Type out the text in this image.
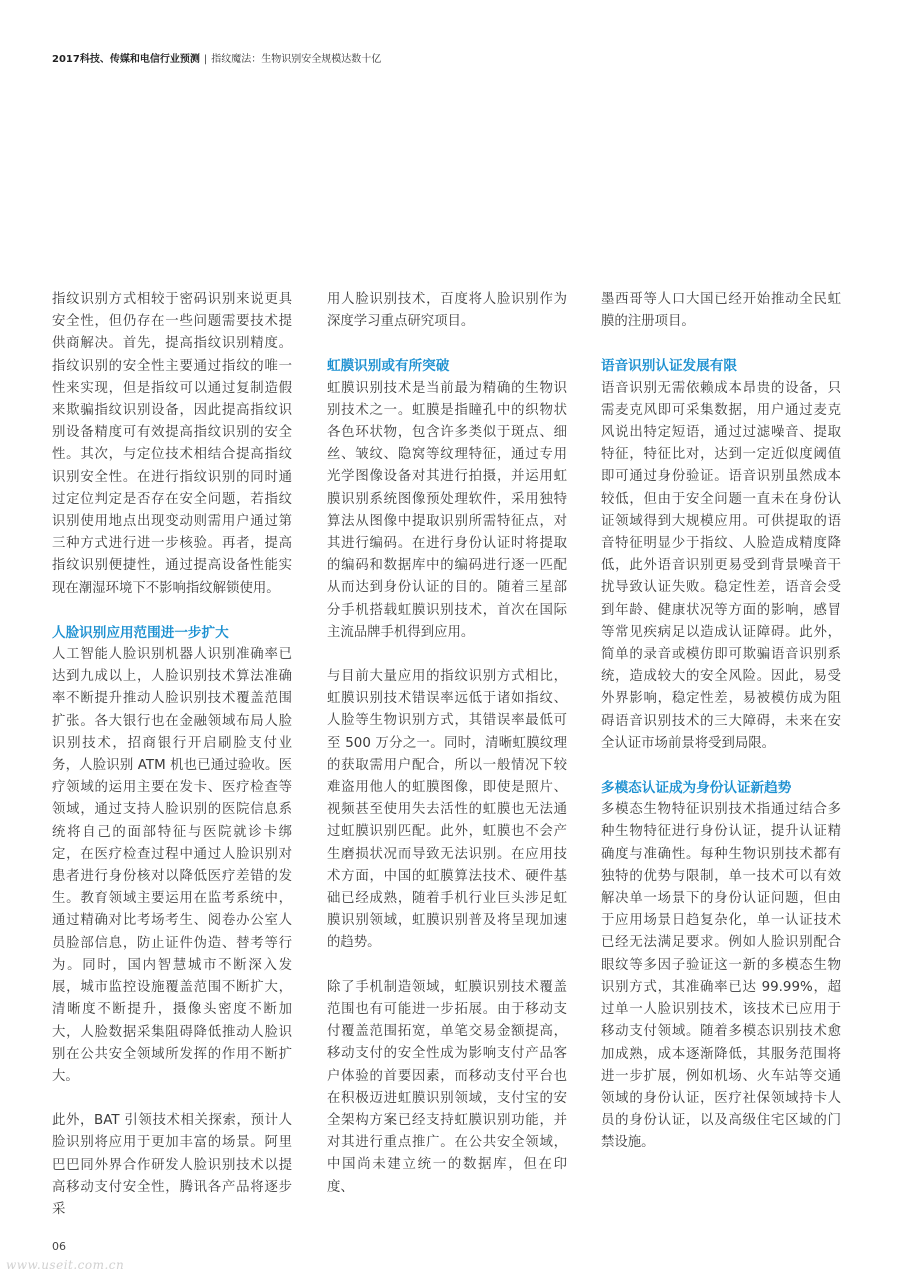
2017科技、传媒和电信行业预测 | 指纹魔法：生物识别安全规模达数十亿

指纹识别方式相较于密码识别来说更具安全性，但仍存在一些问题需要技术提供商解决。首先，提高指纹识别精度。指纹识别的安全性主要通过指纹的唯一性来实现，但是指纹可以通过复制造假来欺骗指纹识别设备，因此提高指纹识别设备精度可有效提高指纹识别的安全性。其次，与定位技术相结合提高指纹识别安全性。在进行指纹识别的同时通过定位判定是否存在安全问题，若指纹识别使用地点出现变动则需用户通过第三种方式进行进一步核验。再者，提高指纹识别便捷性，通过提高设备性能实现在潮湿环境下不影响指纹解锁使用。

人脸识别应用范围进一步扩大

人工智能人脸识别机器人识别准确率已达到九成以上，人脸识别技术算法准确率不断提升推动人脸识别技术覆盖范围扩张。各大银行也在金融领域布局人脸识别技术，招商银行开启刷脸支付业务，人脸识别 ATM 机也已通过验收。医疗领域的运用主要在发卡、医疗检查等领域，通过支持人脸识别的医院信息系统将自己的面部特征与医院就诊卡绑定，在医疗检查过程中通过人脸识别对患者进行身份核对以降低医疗差错的发生。教育领域主要运用在监考系统中，通过精确对比考场考生、阅卷办公室人员脸部信息，防止证件伪造、替考等行为。同时，国内智慧城市不断深入发展，城市监控设施覆盖范围不断扩大，清晰度不断提升，摄像头密度不断加大，人脸数据采集阻碍降低推动人脸识别在公共安全领域所发挥的作用不断扩大。

此外，BAT 引领技术相关探索，预计人脸识别将应用于更加丰富的场景。阿里巴巴同外界合作研发人脸识别技术以提高移动支付安全性，腾讯各产品将逐步采

用人脸识别技术，百度将人脸识别作为深度学习重点研究项目。

虹膜识别或有所突破

虹膜识别技术是当前最为精确的生物识别技术之一。虹膜是指瞳孔中的织物状各色环状物，包含许多类似于斑点、细丝、皱纹、隐窝等纹理特征，通过专用光学图像设备对其进行拍摄，并运用虹膜识别系统图像预处理软件，采用独特算法从图像中提取识别所需特征点，对其进行编码。在进行身份认证时将提取的编码和数据库中的编码进行逐一匹配从而达到身份认证的目的。随着三星部分手机搭载虹膜识别技术，首次在国际主流品牌手机得到应用。

与目前大量应用的指纹识别方式相比，虹膜识别技术错误率远低于诸如指纹、人脸等生物识别方式，其错误率最低可至 500 万分之一。同时，清晰虹膜纹理的获取需用户配合，所以一般情况下较难盗用他人的虹膜图像，即使是照片、视频甚至使用失去活性的虹膜也无法通过虹膜识别匹配。此外，虹膜也不会产生磨损状况而导致无法识别。在应用技术方面，中国的虹膜算法技术、硬件基础已经成熟，随着手机行业巨头涉足虹膜识别领域，虹膜识别普及将呈现加速的趋势。

除了手机制造领域，虹膜识别技术覆盖范围也有可能进一步拓展。由于移动支付覆盖范围拓宽，单笔交易金额提高，移动支付的安全性成为影响支付产品客户体验的首要因素，而移动支付平台也在积极迈进虹膜识别领域，支付宝的安全架构方案已经支持虹膜识别功能，并对其进行重点推广。在公共安全领域，中国尚未建立统一的数据库，但在印度、

墨西哥等人口大国已经开始推动全民虹膜的注册项目。

语音识别认证发展有限

语音识别无需依赖成本昂贵的设备，只需麦克风即可采集数据，用户通过麦克风说出特定短语，通过过滤噪音、提取特征，特征比对，达到一定近似度阈值即可通过身份验证。语音识别虽然成本较低，但由于安全问题一直未在身份认证领域得到大规模应用。可供提取的语音特征明显少于指纹、人脸造成精度降低，此外语音识别更易受到背景噪音干扰导致认证失败。稳定性差，语音会受到年龄、健康状况等方面的影响，感冒等常见疾病足以造成认证障碍。此外，简单的录音或模仿即可欺骗语音识别系统，造成较大的安全风险。因此，易受外界影响，稳定性差，易被模仿成为阻碍语音识别技术的三大障碍，未来在安全认证市场前景将受到局限。

多模态认证成为身份认证新趋势

多模态生物特征识别技术指通过结合多种生物特征进行身份认证，提升认证精确度与准确性。每种生物识别技术都有独特的优势与限制，单一技术可以有效解决单一场景下的身份认证问题，但由于应用场景日趋复杂化，单一认证技术已经无法满足要求。例如人脸识别配合眼纹等多因子验证这一新的多模态生物识别方式，其准确率已达 99.99%，超过单一人脸识别技术，该技术已应用于移动支付领域。随着多模态识别技术愈加成熟，成本逐渐降低，其服务范围将进一步扩展，例如机场、火车站等交通领域的身份认证，医疗社保领域持卡人员的身份认证，以及高级住宅区域的门禁设施。

06
www.useit.com.cn
